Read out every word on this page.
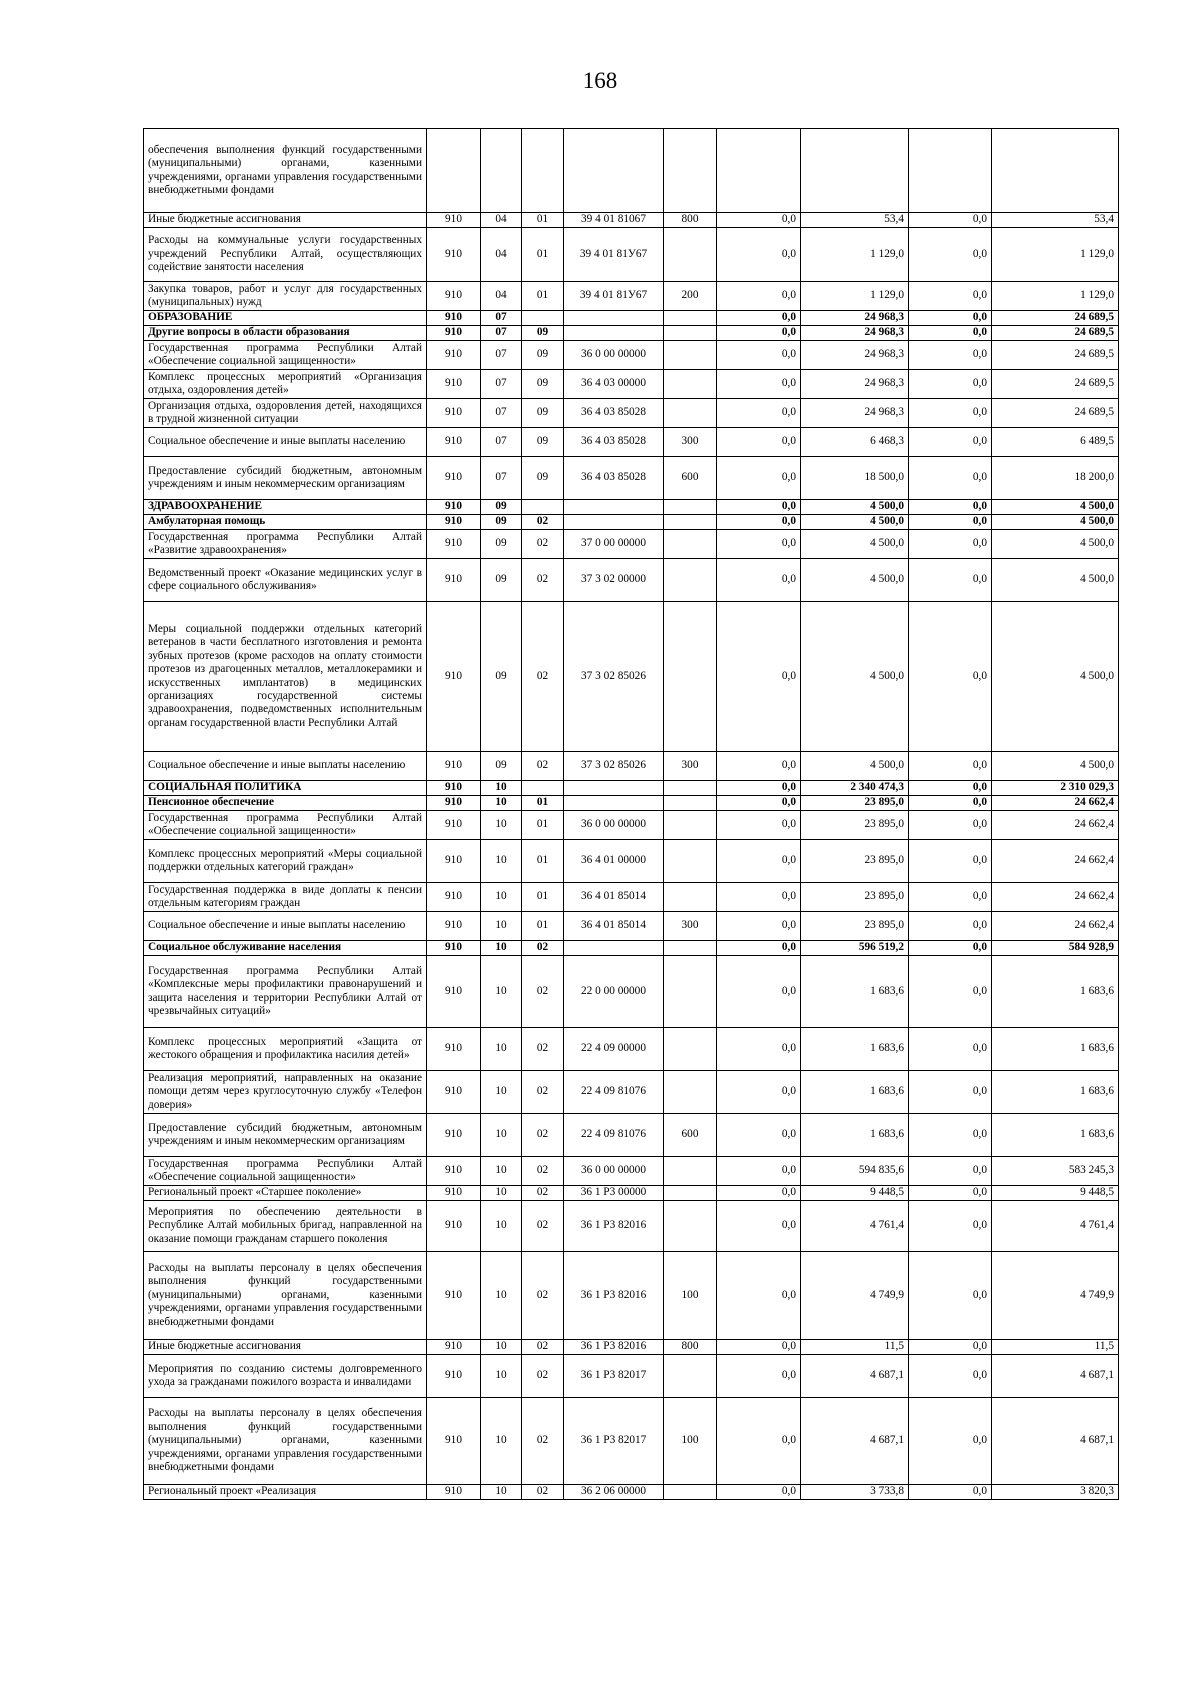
168
обеспечения выполнения функций государственными (муниципальными) органами, казенными учреждениями, органами управления государственными внебюджетными фондами									
Иные бюджетные ассигнования	910	04	01	39 4 01 81067	800	0,0	53,4	0,0	53,4
Расходы на коммунальные услуги государственных учреждений Республики Алтай, осуществляющих содействие занятости населения	910	04	01	39 4 01 81У67		0,0	1 129,0	0,0	1 129,0
Закупка товаров, работ и услуг для государственных (муниципальных) нужд	910	04	01	39 4 01 81У67	200	0,0	1 129,0	0,0	1 129,0
ОБРАЗОВАНИЕ	910	07				0,0	24 968,3	0,0	24 689,5
Другие вопросы в области образования	910	07	09			0,0	24 968,3	0,0	24 689,5
Государственная программа Республики Алтай «Обеспечение социальной защищенности»	910	07	09	36 0 00 00000		0,0	24 968,3	0,0	24 689,5
Комплекс процессных мероприятий «Организация отдыха, оздоровления детей»	910	07	09	36 4 03 00000		0,0	24 968,3	0,0	24 689,5
Организация отдыха, оздоровления детей, находящихся в трудной жизненной ситуации	910	07	09	36 4 03 85028		0,0	24 968,3	0,0	24 689,5
Социальное обеспечение и иные выплаты населению	910	07	09	36 4 03 85028	300	0,0	6 468,3	0,0	6 489,5
Предоставление субсидий бюджетным, автономным учреждениям и иным некоммерческим организациям	910	07	09	36 4 03 85028	600	0,0	18 500,0	0,0	18 200,0
ЗДРАВООХРАНЕНИЕ	910	09				0,0	4 500,0	0,0	4 500,0
Амбулаторная помощь	910	09	02			0,0	4 500,0	0,0	4 500,0
Государственная программа Республики Алтай «Развитие здравоохранения»	910	09	02	37 0 00 00000		0,0	4 500,0	0,0	4 500,0
Ведомственный проект «Оказание медицинских услуг в сфере социального обслуживания»	910	09	02	37 3 02 00000		0,0	4 500,0	0,0	4 500,0
Меры социальной поддержки отдельных категорий ветеранов в части бесплатного изготовления и ремонта зубных протезов (кроме расходов на оплату стоимости протезов из драгоценных металлов, металлокерамики и искусственных имплантатов) в медицинских организациях государственной системы здравоохранения, подведомственных исполнительным органам государственной власти Республики Алтай	910	09	02	37 3 02 85026		0,0	4 500,0	0,0	4 500,0
Социальное обеспечение и иные выплаты населению	910	09	02	37 3 02 85026	300	0,0	4 500,0	0,0	4 500,0
СОЦИАЛЬНАЯ ПОЛИТИКА	910	10				0,0	2 340 474,3	0,0	2 310 029,3
Пенсионное обеспечение	910	10	01			0,0	23 895,0	0,0	24 662,4
Государственная программа Республики Алтай «Обеспечение социальной защищенности»	910	10	01	36 0 00 00000		0,0	23 895,0	0,0	24 662,4
Комплекс процессных мероприятий «Меры социальной поддержки отдельных категорий граждан»	910	10	01	36 4 01 00000		0,0	23 895,0	0,0	24 662,4
Государственная поддержка в виде доплаты к пенсии отдельным категориям граждан	910	10	01	36 4 01 85014		0,0	23 895,0	0,0	24 662,4
Социальное обеспечение и иные выплаты населению	910	10	01	36 4 01 85014	300	0,0	23 895,0	0,0	24 662,4
Социальное обслуживание населения	910	10	02			0,0	596 519,2	0,0	584 928,9
Государственная программа Республики Алтай «Комплексные меры профилактики правонарушений и защита населения и территории Республики Алтай от чрезвычайных ситуаций»	910	10	02	22 0 00 00000		0,0	1 683,6	0,0	1 683,6
Комплекс процессных мероприятий «Защита от жестокого обращения и профилактика насилия детей»	910	10	02	22 4 09 00000		0,0	1 683,6	0,0	1 683,6
Реализация мероприятий, направленных на оказание помощи детям через круглосуточную службу «Телефон доверия»	910	10	02	22 4 09 81076		0,0	1 683,6	0,0	1 683,6
Предоставление субсидий бюджетным, автономным учреждениям и иным некоммерческим организациям	910	10	02	22 4 09 81076	600	0,0	1 683,6	0,0	1 683,6
Государственная программа Республики Алтай «Обеспечение социальной защищенности»	910	10	02	36 0 00 00000		0,0	594 835,6	0,0	583 245,3
Региональный проект «Старшее поколение»	910	10	02	36 1 Р3 00000		0,0	9 448,5	0,0	9 448,5
Мероприятия по обеспечению деятельности в Республике Алтай мобильных бригад, направленной на оказание помощи гражданам старшего поколения	910	10	02	36 1 Р3 82016		0,0	4 761,4	0,0	4 761,4
Расходы на выплаты персоналу в целях обеспечения выполнения функций государственными (муниципальными) органами, казенными учреждениями, органами управления государственными внебюджетными фондами	910	10	02	36 1 Р3 82016	100	0,0	4 749,9	0,0	4 749,9
Иные бюджетные ассигнования	910	10	02	36 1 Р3 82016	800	0,0	11,5	0,0	11,5
Мероприятия по созданию системы долговременного ухода за гражданами пожилого возраста и инвалидами	910	10	02	36 1 Р3 82017		0,0	4 687,1	0,0	4 687,1
Расходы на выплаты персоналу в целях обеспечения выполнения функций государственными (муниципальными) органами, казенными учреждениями, органами управления государственными внебюджетными фондами	910	10	02	36 1 Р3 82017	100	0,0	4 687,1	0,0	4 687,1
Региональный проект «Реализация	910	10	02	36 2 06 00000		0,0	3 733,8	0,0	3 820,3
